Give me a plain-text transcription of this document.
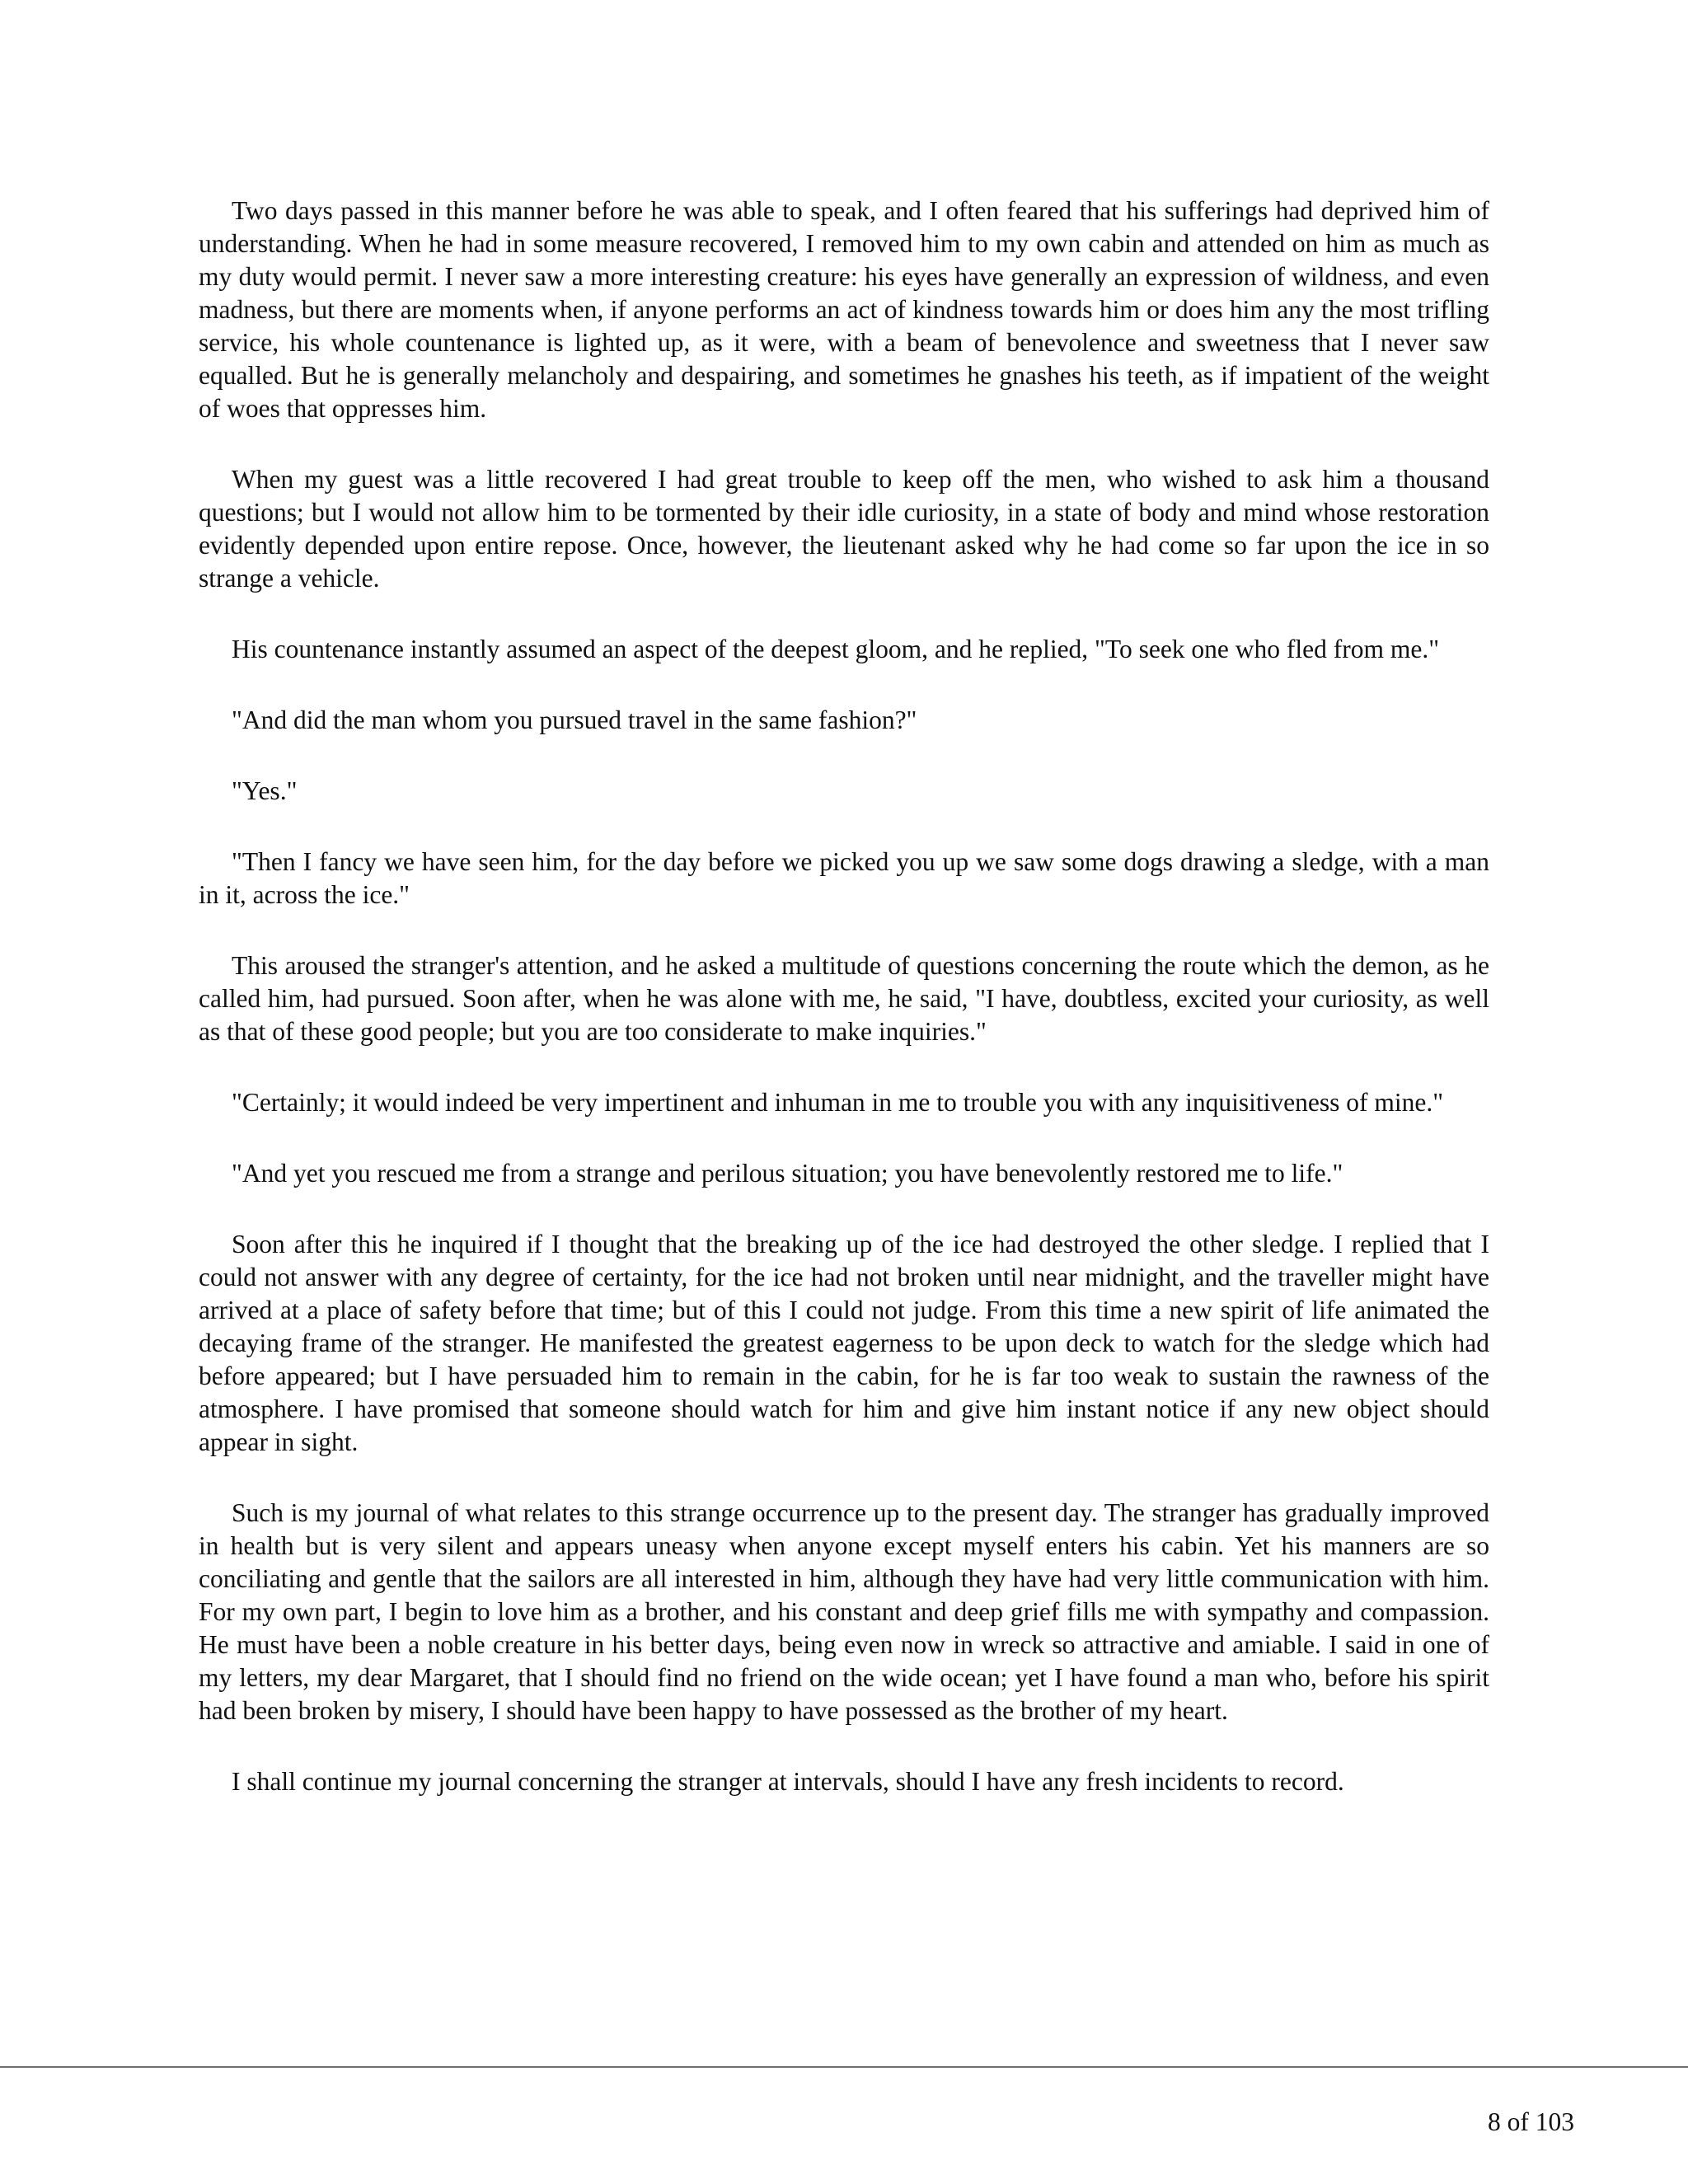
Two days passed in this manner before he was able to speak, and I often feared that his sufferings had deprived him of understanding. When he had in some measure recovered, I removed him to my own cabin and attended on him as much as my duty would permit. I never saw a more interesting creature: his eyes have generally an expression of wildness, and even madness, but there are moments when, if anyone performs an act of kindness towards him or does him any the most trifling service, his whole countenance is lighted up, as it were, with a beam of benevolence and sweetness that I never saw equalled. But he is generally melancholy and despairing, and sometimes he gnashes his teeth, as if impatient of the weight of woes that oppresses him.

When my guest was a little recovered I had great trouble to keep off the men, who wished to ask him a thousand questions; but I would not allow him to be tormented by their idle curiosity, in a state of body and mind whose restoration evidently depended upon entire repose. Once, however, the lieutenant asked why he had come so far upon the ice in so strange a vehicle.

His countenance instantly assumed an aspect of the deepest gloom, and he replied, "To seek one who fled from me."

"And did the man whom you pursued travel in the same fashion?"

"Yes."

"Then I fancy we have seen him, for the day before we picked you up we saw some dogs drawing a sledge, with a man in it, across the ice."

This aroused the stranger's attention, and he asked a multitude of questions concerning the route which the demon, as he called him, had pursued. Soon after, when he was alone with me, he said, "I have, doubtless, excited your curiosity, as well as that of these good people; but you are too considerate to make inquiries."

"Certainly; it would indeed be very impertinent and inhuman in me to trouble you with any inquisitiveness of mine."

"And yet you rescued me from a strange and perilous situation; you have benevolently restored me to life."

Soon after this he inquired if I thought that the breaking up of the ice had destroyed the other sledge. I replied that I could not answer with any degree of certainty, for the ice had not broken until near midnight, and the traveller might have arrived at a place of safety before that time; but of this I could not judge. From this time a new spirit of life animated the decaying frame of the stranger. He manifested the greatest eagerness to be upon deck to watch for the sledge which had before appeared; but I have persuaded him to remain in the cabin, for he is far too weak to sustain the rawness of the atmosphere. I have promised that someone should watch for him and give him instant notice if any new object should appear in sight.

Such is my journal of what relates to this strange occurrence up to the present day. The stranger has gradually improved in health but is very silent and appears uneasy when anyone except myself enters his cabin. Yet his manners are so conciliating and gentle that the sailors are all interested in him, although they have had very little communication with him. For my own part, I begin to love him as a brother, and his constant and deep grief fills me with sympathy and compassion. He must have been a noble creature in his better days, being even now in wreck so attractive and amiable. I said in one of my letters, my dear Margaret, that I should find no friend on the wide ocean; yet I have found a man who, before his spirit had been broken by misery, I should have been happy to have possessed as the brother of my heart.

I shall continue my journal concerning the stranger at intervals, should I have any fresh incidents to record.

8 of 103
